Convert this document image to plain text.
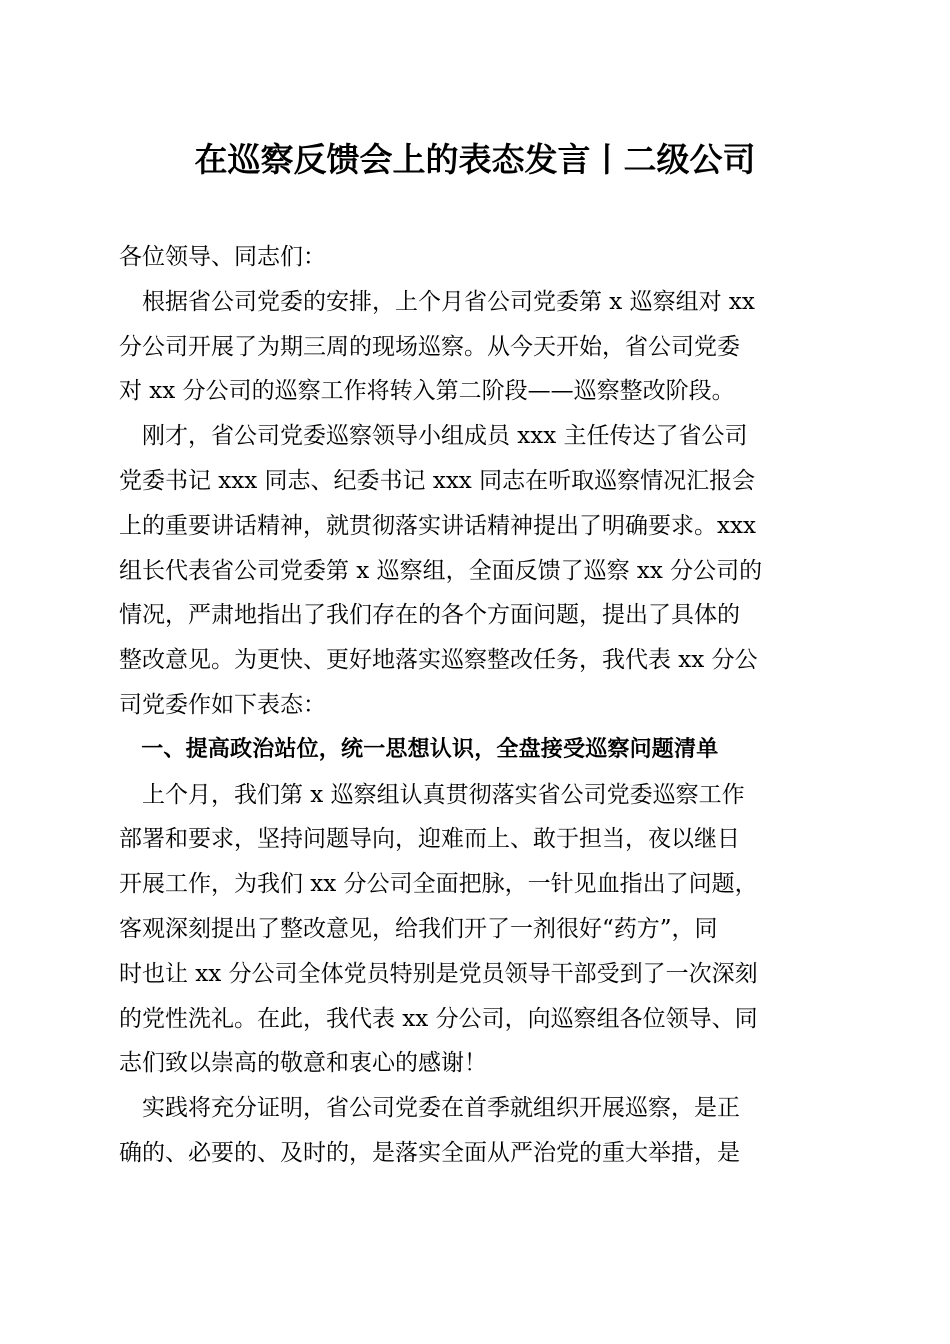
在巡察反馈会上的表态发言丨二级公司
各位领导、同志们：
　根据省公司党委的安排，上个月省公司党委第 x 巡察组对 xx
分公司开展了为期三周的现场巡察。从今天开始，省公司党委
对 xx 分公司的巡察工作将转入第二阶段——巡察整改阶段。
　刚才，省公司党委巡察领导小组成员 xxx 主任传达了省公司
党委书记 xxx 同志、纪委书记 xxx 同志在听取巡察情况汇报会
上的重要讲话精神，就贯彻落实讲话精神提出了明确要求。xxx
组长代表省公司党委第 x 巡察组，全面反馈了巡察 xx 分公司的
情况，严肃地指出了我们存在的各个方面问题，提出了具体的
整改意见。为更快、更好地落实巡察整改任务，我代表 xx 分公
司党委作如下表态：
　一、提高政治站位，统一思想认识，全盘接受巡察问题清单
　上个月，我们第 x 巡察组认真贯彻落实省公司党委巡察工作
部署和要求，坚持问题导向，迎难而上、敢于担当，夜以继日
开展工作，为我们 xx 分公司全面把脉，一针见血指出了问题，
客观深刻提出了整改意见，给我们开了一剂很好“药方”，同
时也让 xx 分公司全体党员特别是党员领导干部受到了一次深刻
的党性洗礼。在此，我代表 xx 分公司，向巡察组各位领导、同
志们致以崇高的敬意和衷心的感谢！
　实践将充分证明，省公司党委在首季就组织开展巡察，是正
确的、必要的、及时的，是落实全面从严治党的重大举措，是
